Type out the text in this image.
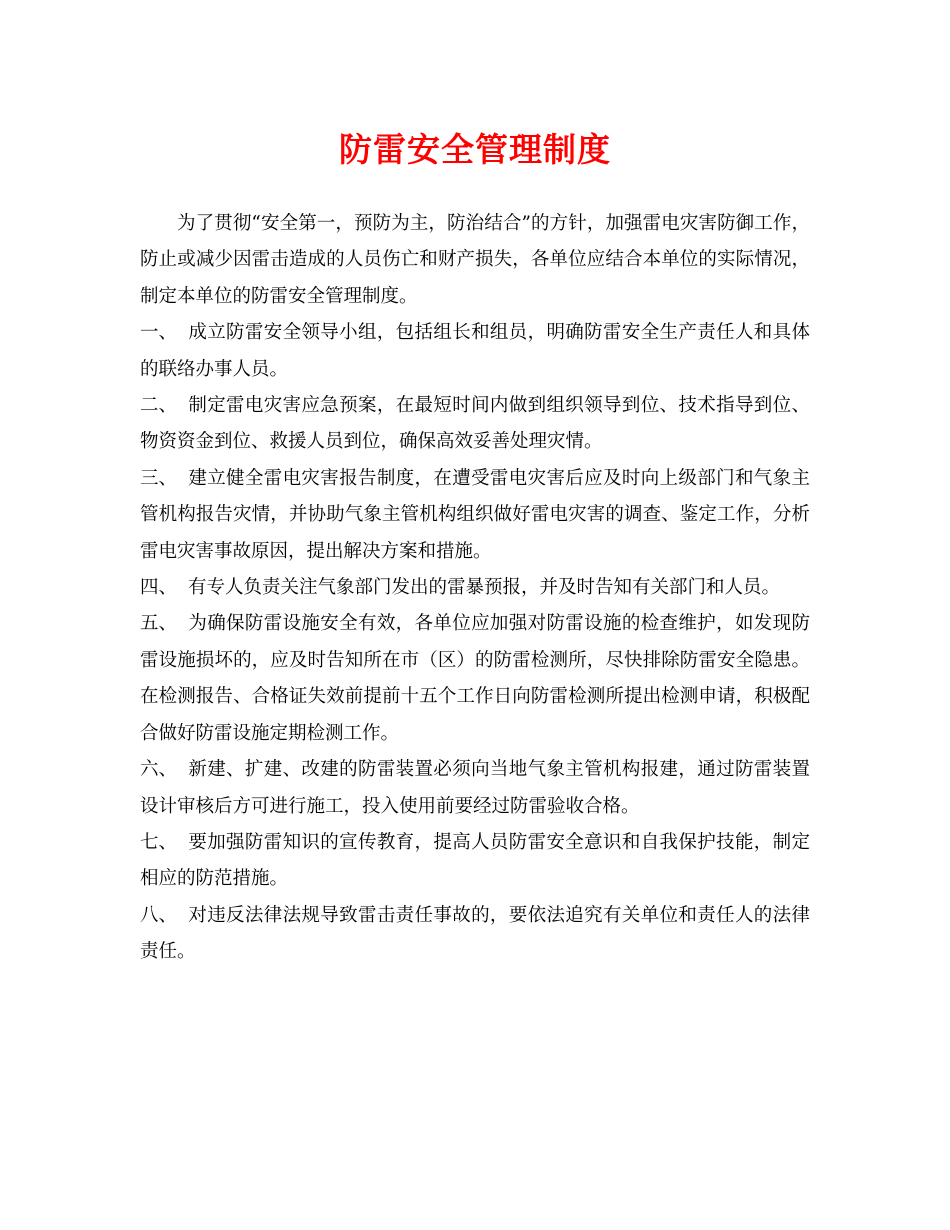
防雷安全管理制度

为了贯彻“安全第一，预防为主，防治结合”的方针，加强雷电灾害防御工作，防止或减少因雷击造成的人员伤亡和财产损失，各单位应结合本单位的实际情况，制定本单位的防雷安全管理制度。

一、 成立防雷安全领导小组，包括组长和组员，明确防雷安全生产责任人和具体的联络办事人员。

二、 制定雷电灾害应急预案，在最短时间内做到组织领导到位、技术指导到位、物资资金到位、救援人员到位，确保高效妥善处理灾情。

三、 建立健全雷电灾害报告制度，在遭受雷电灾害后应及时向上级部门和气象主管机构报告灾情，并协助气象主管机构组织做好雷电灾害的调查、鉴定工作，分析雷电灾害事故原因，提出解决方案和措施。

四、 有专人负责关注气象部门发出的雷暴预报，并及时告知有关部门和人员。

五、 为确保防雷设施安全有效，各单位应加强对防雷设施的检查维护，如发现防雷设施损坏的，应及时告知所在市（区）的防雷检测所，尽快排除防雷安全隐患。在检测报告、合格证失效前提前十五个工作日向防雷检测所提出检测申请，积极配合做好防雷设施定期检测工作。

六、 新建、扩建、改建的防雷装置必须向当地气象主管机构报建，通过防雷装置设计审核后方可进行施工，投入使用前要经过防雷验收合格。

七、 要加强防雷知识的宣传教育，提高人员防雷安全意识和自我保护技能，制定相应的防范措施。

八、 对违反法律法规导致雷击责任事故的，要依法追究有关单位和责任人的法律责任。
